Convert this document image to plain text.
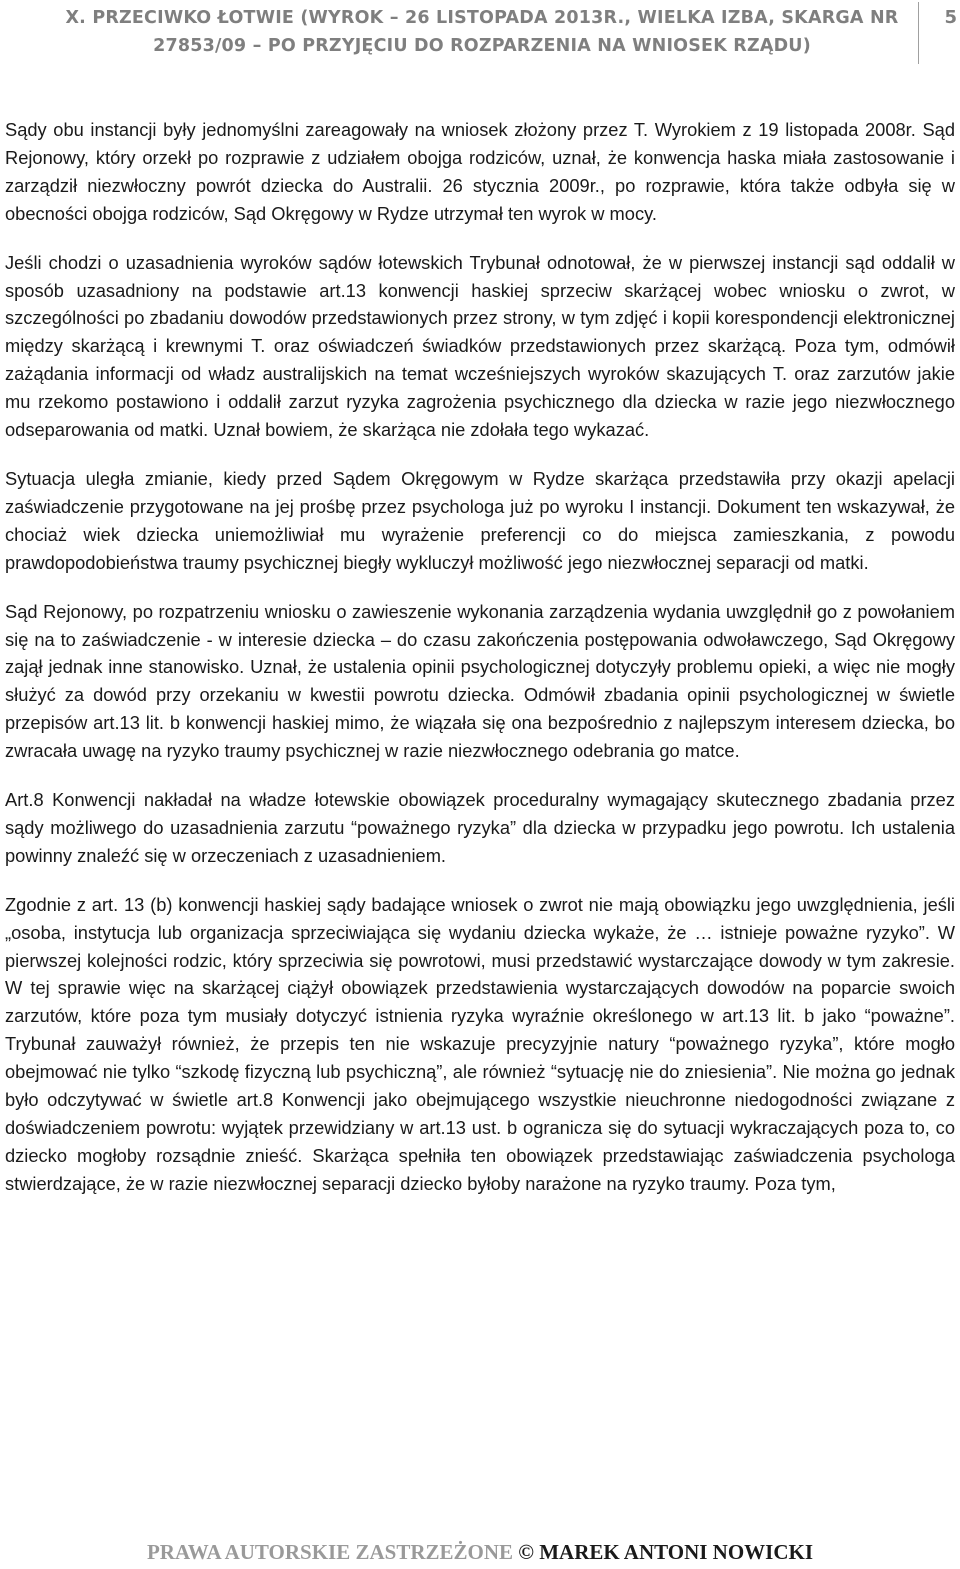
X. PRZECIWKO ŁOTWIE (WYROK – 26 LISTOPADA 2013R., WIELKA IZBA, SKARGA NR 27853/09 – PO PRZYJĘCIU DO ROZPARZENIA NA WNIOSEK RZĄDU)
5

Sądy obu instancji były jednomyślni zareagowały na wniosek złożony przez T. Wyrokiem z 19 listopada 2008r. Sąd Rejonowy, który orzekł po rozprawie z udziałem obojga rodziców, uznał, że konwencja haska miała zastosowanie i zarządził niezwłoczny powrót dziecka do Australii. 26 stycznia 2009r., po rozprawie, która także odbyła się w obecności obojga rodziców, Sąd Okręgowy w Rydze utrzymał ten wyrok w mocy.

Jeśli chodzi o uzasadnienia wyroków sądów łotewskich Trybunał odnotował, że w pierwszej instancji sąd oddalił w sposób uzasadniony na podstawie art.13 konwencji haskiej sprzeciw skarżącej wobec wniosku o zwrot, w szczególności po zbadaniu dowodów przedstawionych przez strony, w tym zdjęć i kopii korespondencji elektronicznej między skarżącą i krewnymi T. oraz oświadczeń świadków przedstawionych przez skarżącą. Poza tym, odmówił zażądania informacji od władz australijskich na temat wcześniejszych wyroków skazujących T. oraz zarzutów jakie mu rzekomo postawiono i oddalił zarzut ryzyka zagrożenia psychicznego dla dziecka w razie jego niezwłocznego odseparowania od matki. Uznał bowiem, że skarżąca nie zdołała tego wykazać.

Sytuacja uległa zmianie, kiedy przed Sądem Okręgowym w Rydze skarżąca przedstawiła przy okazji apelacji zaświadczenie przygotowane na jej prośbę przez psychologa już po wyroku I instancji. Dokument ten wskazywał, że chociaż wiek dziecka uniemożliwiał mu wyrażenie preferencji co do miejsca zamieszkania, z powodu prawdopodobieństwa traumy psychicznej biegły wykluczył możliwość jego niezwłocznej separacji od matki.

Sąd Rejonowy, po rozpatrzeniu wniosku o zawieszenie wykonania zarządzenia wydania uwzględnił go z powołaniem się na to zaświadczenie - w interesie dziecka – do czasu zakończenia postępowania odwoławczego, Sąd Okręgowy zajął jednak inne stanowisko. Uznał, że ustalenia opinii psychologicznej dotyczyły problemu opieki, a więc nie mogły służyć za dowód przy orzekaniu w kwestii powrotu dziecka. Odmówił zbadania opinii psychologicznej w świetle przepisów art.13 lit. b konwencji haskiej mimo, że wiązała się ona bezpośrednio z najlepszym interesem dziecka, bo zwracała uwagę na ryzyko traumy psychicznej w razie niezwłocznego odebrania go matce.

Art.8 Konwencji nakładał na władze łotewskie obowiązek proceduralny wymagający skutecznego zbadania przez sądy możliwego do uzasadnienia zarzutu “poważnego ryzyka” dla dziecka w przypadku jego powrotu. Ich ustalenia powinny znaleźć się w orzeczeniach z uzasadnieniem.

Zgodnie z art. 13 (b) konwencji haskiej sądy badające wniosek o zwrot nie mają obowiązku jego uwzględnienia, jeśli „osoba, instytucja lub organizacja sprzeciwiająca się wydaniu dziecka wykaże, że … istnieje poważne ryzyko”. W pierwszej kolejności rodzic, który sprzeciwia się powrotowi, musi przedstawić wystarczające dowody w tym zakresie. W tej sprawie więc na skarżącej ciążył obowiązek przedstawienia wystarczających dowodów na poparcie swoich zarzutów, które poza tym musiały dotyczyć istnienia ryzyka wyraźnie określonego w art.13 lit. b jako “poważne”. Trybunał zauważył również, że przepis ten nie wskazuje precyzyjnie natury “poważnego ryzyka”, które mogło obejmować nie tylko “szkodę fizyczną lub psychiczną”, ale również “sytuację nie do zniesienia”. Nie można go jednak było odczytywać w świetle art.8 Konwencji jako obejmującego wszystkie nieuchronne niedogodności związane z doświadczeniem powrotu: wyjątek przewidziany w art.13 ust. b ogranicza się do sytuacji wykraczających poza to, co dziecko mogłoby rozsądnie znieść. Skarżąca spełniła ten obowiązek przedstawiając zaświadczenia psychologa stwierdzające, że w razie niezwłocznej separacji dziecko byłoby narażone na ryzyko traumy. Poza tym,

PRAWA AUTORSKIE ZASTRZEŻONE © MAREK ANTONI NOWICKI
